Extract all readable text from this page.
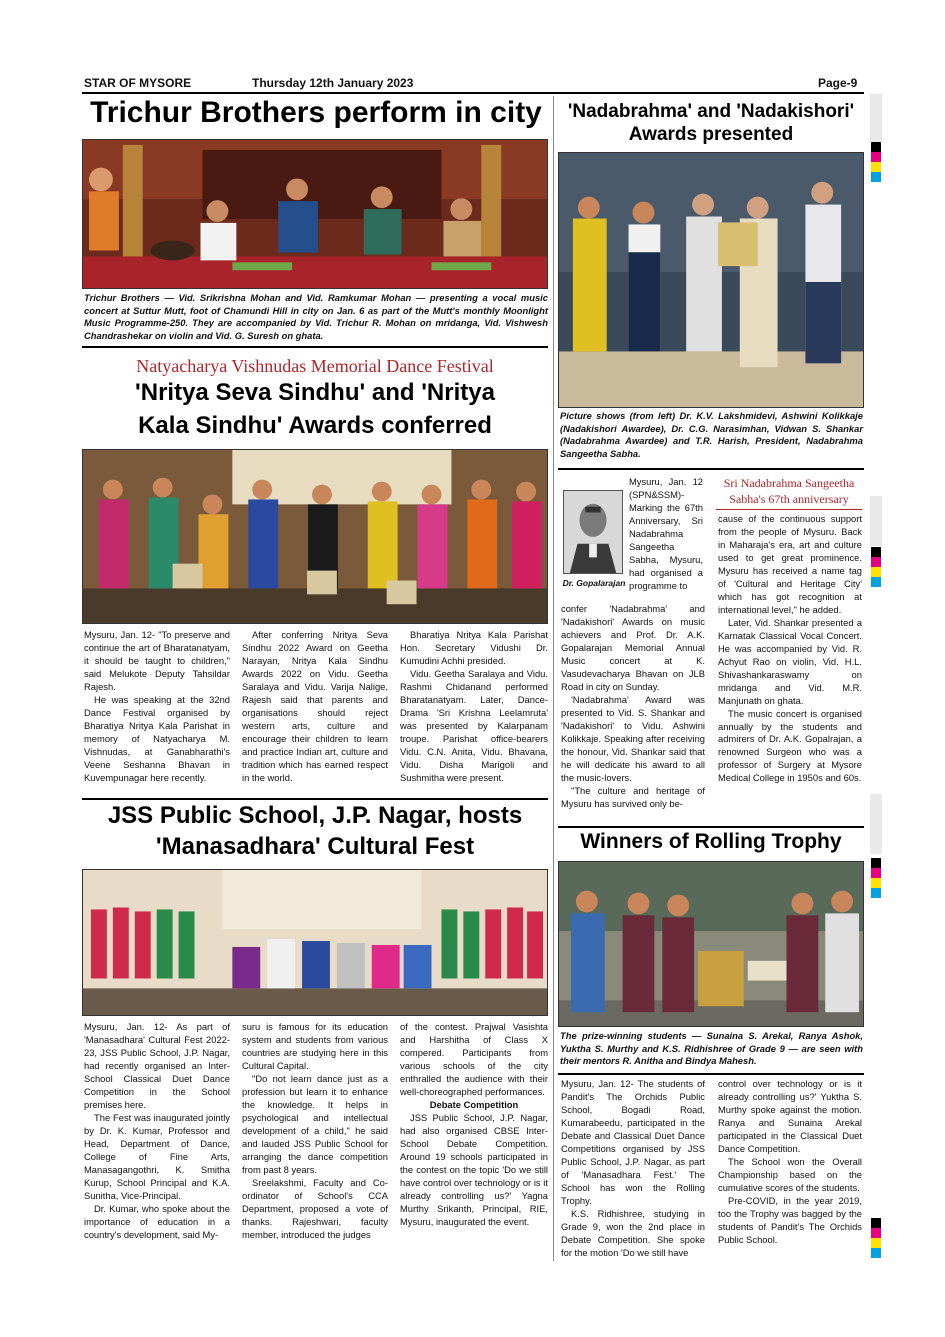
STAR OF MYSORE	Thursday 12th January 2023	Page-9
Trichur Brothers perform in city
Trichur Brothers — Vid. Srikrishna Mohan and Vid. Ramkumar Mohan — presenting a vocal music concert at Suttur Mutt, foot of Chamundi Hill in city on Jan. 6 as part of the Mutt's monthly Moonlight Music Programme-250. They are accompanied by Vid. Trichur R. Mohan on mridanga, Vid. Vishwesh Chandrashekar on violin and Vid. G. Suresh on ghata.
Natyacharya Vishnudas Memorial Dance Festival
'Nritya Seva Sindhu' and 'Nritya
Kala Sindhu' Awards conferred

Mysuru, Jan. 12- "To preserve and continue the art of Bharatanatyam, it should be taught to children," said Melukote Deputy Tahsildar Rajesh.

He was speaking at the 32nd Dance Festival organised by Bharatiya Nritya Kala Parishat in memory of Natyacharya M. Vishnudas, at Ganabharathi's Veene Seshanna Bhavan in Kuvempunagar here recently.

After conferring Nritya Seva Sindhu 2022 Award on Geetha Narayan, Nritya Kala Sindhu Awards 2022 on Vidu. Geetha Saralaya and Vidu. Varija Nalige, Rajesh said that parents and organisations should reject western arts, culture and encourage their children to learn and practice Indian art, culture and tradition which has earned respect in the world.

Bharatiya Nritya Kala Parishat Hon. Secretary Vidushi Dr. Kumudini Achhi presided.

Vidu. Geetha Saralaya and Vidu. Rashmi Chidanand performed Bharatanatyam. Later, Dance-Drama 'Sri Krishna Leelamruta' was presented by Kalarpanam troupe. Parishat office-bearers Vidu. C.N. Anita, Vidu. Bhavana, Vidu. Disha Marigoli and Sushmitha were present.

JSS Public School, J.P. Nagar, hosts
'Manasadhara' Cultural Fest

Mysuru, Jan. 12- As part of 'Manasadhara' Cultural Fest 2022-23, JSS Public School, J.P. Nagar, had recently organised an Inter-School Classical Duet Dance Competition in the School premises here.

The Fest was inaugurated jointly by Dr. K. Kumar, Professor and Head, Department of Dance, College of Fine Arts, Manasagangothri, K. Smitha Kurup, School Principal and K.A. Sunitha, Vice-Principal.

Dr. Kumar, who spoke about the importance of education in a country's development, said My-

suru is famous for its education system and students from various countries are studying here in this Cultural Capital.

"Do not learn dance just as a profession but learn it to enhance the knowledge. It helps in psychological and intellectual development of a child," he said and lauded JSS Public School for arranging the dance competition from past 8 years.

Sreelakshmi, Faculty and Co-ordinator of School's CCA Department, proposed a vote of thanks. Rajeshwari, faculty member, introduced the judges

of the contest. Prajwal Vasishta and Harshitha of Class X compered. Participants from various schools of the city enthralled the audience with their well-choreographed performances.

Debate Competition

JSS Public School, J.P. Nagar, had also organised CBSE Inter-School Debate Competition. Around 19 schools participated in the contest on the topic 'Do we still have control over technology or is it already controlling us?' Yagna Murthy Srikanth, Principal, RIE, Mysuru, inaugurated the event.

'Nadabrahma' and 'Nadakishori'
Awards presented
Picture shows (from left) Dr. K.V. Lakshmidevi, Ashwini Kolikkaje (Nadakishori Awardee), Dr. C.G. Narasimhan, Vidwan S. Shankar (Nadabrahma Awardee) and T.R. Harish, President, Nadabrahma Sangeetha Sabha.
Dr. Gopalarajan

Mysuru, Jan. 12 (SPN&SSM)- Marking the 67th Anniversary, Sri Nadabrahma Sangeetha Sabha, Mysuru, had organised a programme to

confer 'Nadabrahma' and 'Nadakishori' Awards on music achievers and Prof. Dr. A.K. Gopalarajan Memorial Annual Music concert at K. Vasudevacharya Bhavan on JLB Road in city on Sunday.

'Nadabrahma' Award was presented to Vid. S. Shankar and 'Nadakishori' to Vidu. Ashwini Kolikkaje. Speaking after receiving the honour, Vid. Shankar said that he will dedicate his award to all the music-lovers.

"The culture and heritage of Mysuru has survived only be-

Sri Nadabrahma Sangeetha Sabha's 67th anniversary

cause of the continuous support from the people of Mysuru. Back in Maharaja's era, art and culture used to get great prominence. Mysuru has received a name tag of 'Cultural and Heritage City' which has got recognition at international level," he added.

Later, Vid. Shankar presented a Karnatak Classical Vocal Concert. He was accompanied by Vid. R. Achyut Rao on violin, Vid. H.L. Shivashankaraswamy on mridanga and Vid. M.R. Manjunath on ghata.

The music concert is organised annually by the students and admirers of Dr. A.K. Gopalrajan, a renowned Surgeon who was a professor of Surgery at Mysore Medical College in 1950s and 60s.

Winners of Rolling Trophy
The prize-winning students — Sunaina S. Arekal, Ranya Ashok, Yuktha S. Murthy and K.S. Ridhishree of Grade 9 — are seen with their mentors R. Anitha and Bindya Mahesh.

Mysuru, Jan. 12- The students of Pandit's The Orchids Public School, Bogadi Road, Kumarabeedu, participated in the Debate and Classical Duet Dance Competitions organised by JSS Public School, J.P. Nagar, as part of 'Manasadhara Fest.' The School has won the Rolling Trophy.

K.S. Ridhishree, studying in Grade 9, won the 2nd place in Debate Competition. She spoke for the motion 'Do we still have

control over technology or is it already controlling us?' Yuktha S. Murthy spoke against the motion. Ranya and Sunaina Arekal participated in the Classical Duet Dance Competition.

The School won the Overall Championship based on the cumulative scores of the students.

Pre-COVID, in the year 2019, too the Trophy was bagged by the students of Pandit's The Orchids Public School.
